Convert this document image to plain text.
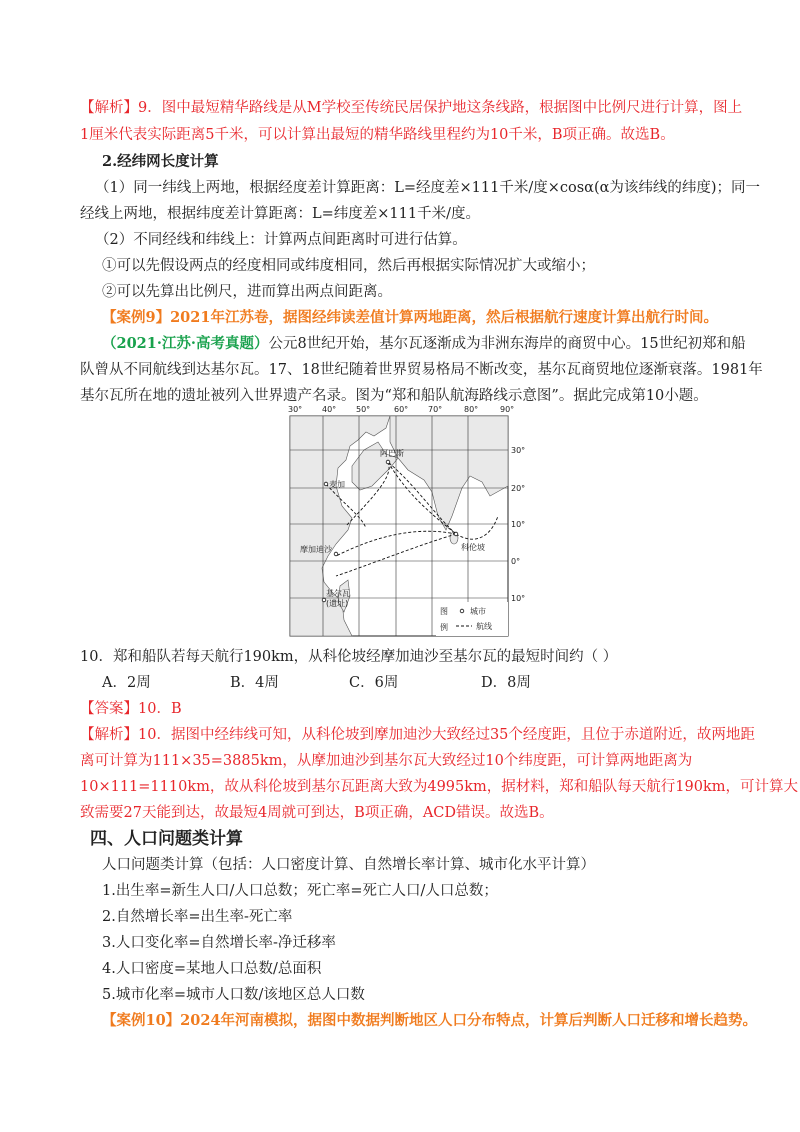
【解析】9．图中最短精华路线是从M学校至传统民居保护地这条线路，根据图中比例尺进行计算，图上
1厘米代表实际距离5千米，可以计算出最短的精华路线里程约为10千米，B项正确。故选B。
2.经纬网长度计算
（1）同一纬线上两地，根据经度差计算距离：L=经度差×111千米/度×cosα(α为该纬线的纬度)；同一
经线上两地，根据纬度差计算距离：L=纬度差×111千米/度。
（2）不同经线和纬线上：计算两点间距离时可进行估算。
①可以先假设两点的经度相同或纬度相同，然后再根据实际情况扩大或缩小；
②可以先算出比例尺，进而算出两点间距离。
【案例9】2021年江苏卷，据图经纬读差值计算两地距离，然后根据航行速度计算出航行时间。
（2021·江苏·高考真题）公元8世纪开始，基尔瓦逐渐成为非洲东海岸的商贸中心。15世纪初郑和船
队曾从不同航线到达基尔瓦。17、18世纪随着世界贸易格局不断改变，基尔瓦商贸地位逐渐衰落。1981年
基尔瓦所在地的遗址被列入世界遗产名录。图为“郑和船队航海路线示意图”。据此完成第10小题。
30° 40° 50°	60° 70°	80°	90°
30°
20°
10°
0°
10°
阿巴斯
麦加
科伦坡
摩加迪沙
基尔瓦
(遗址)
图
例
城市
航线
10．郑和船队若每天航行190km，从科伦坡经摩加迪沙至基尔瓦的最短时间约（ ）
A．2周	B．4周	C．6周	D．8周
【答案】10．B
【解析】10．据图中经纬线可知，从科伦坡到摩加迪沙大致经过35个经度距，且位于赤道附近，故两地距
离可计算为111×35=3885km，从摩加迪沙到基尔瓦大致经过10个纬度距，可计算两地距离为
10×111=1110km，故从科伦坡到基尔瓦距离大致为4995km，据材料，郑和船队每天航行190km，可计算大
致需要27天能到达，故最短4周就可到达，B项正确，ACD错误。故选B。
四、人口问题类计算
人口问题类计算（包括：人口密度计算、自然增长率计算、城市化水平计算）
1.出生率=新生人口/人口总数；死亡率=死亡人口/人口总数；
2.自然增长率=出生率-死亡率
3.人口变化率=自然增长率-净迁移率
4.人口密度=某地人口总数/总面积
5.城市化率=城市人口数/该地区总人口数
【案例10】2024年河南模拟，据图中数据判断地区人口分布特点，计算后判断人口迁移和增长趋势。
